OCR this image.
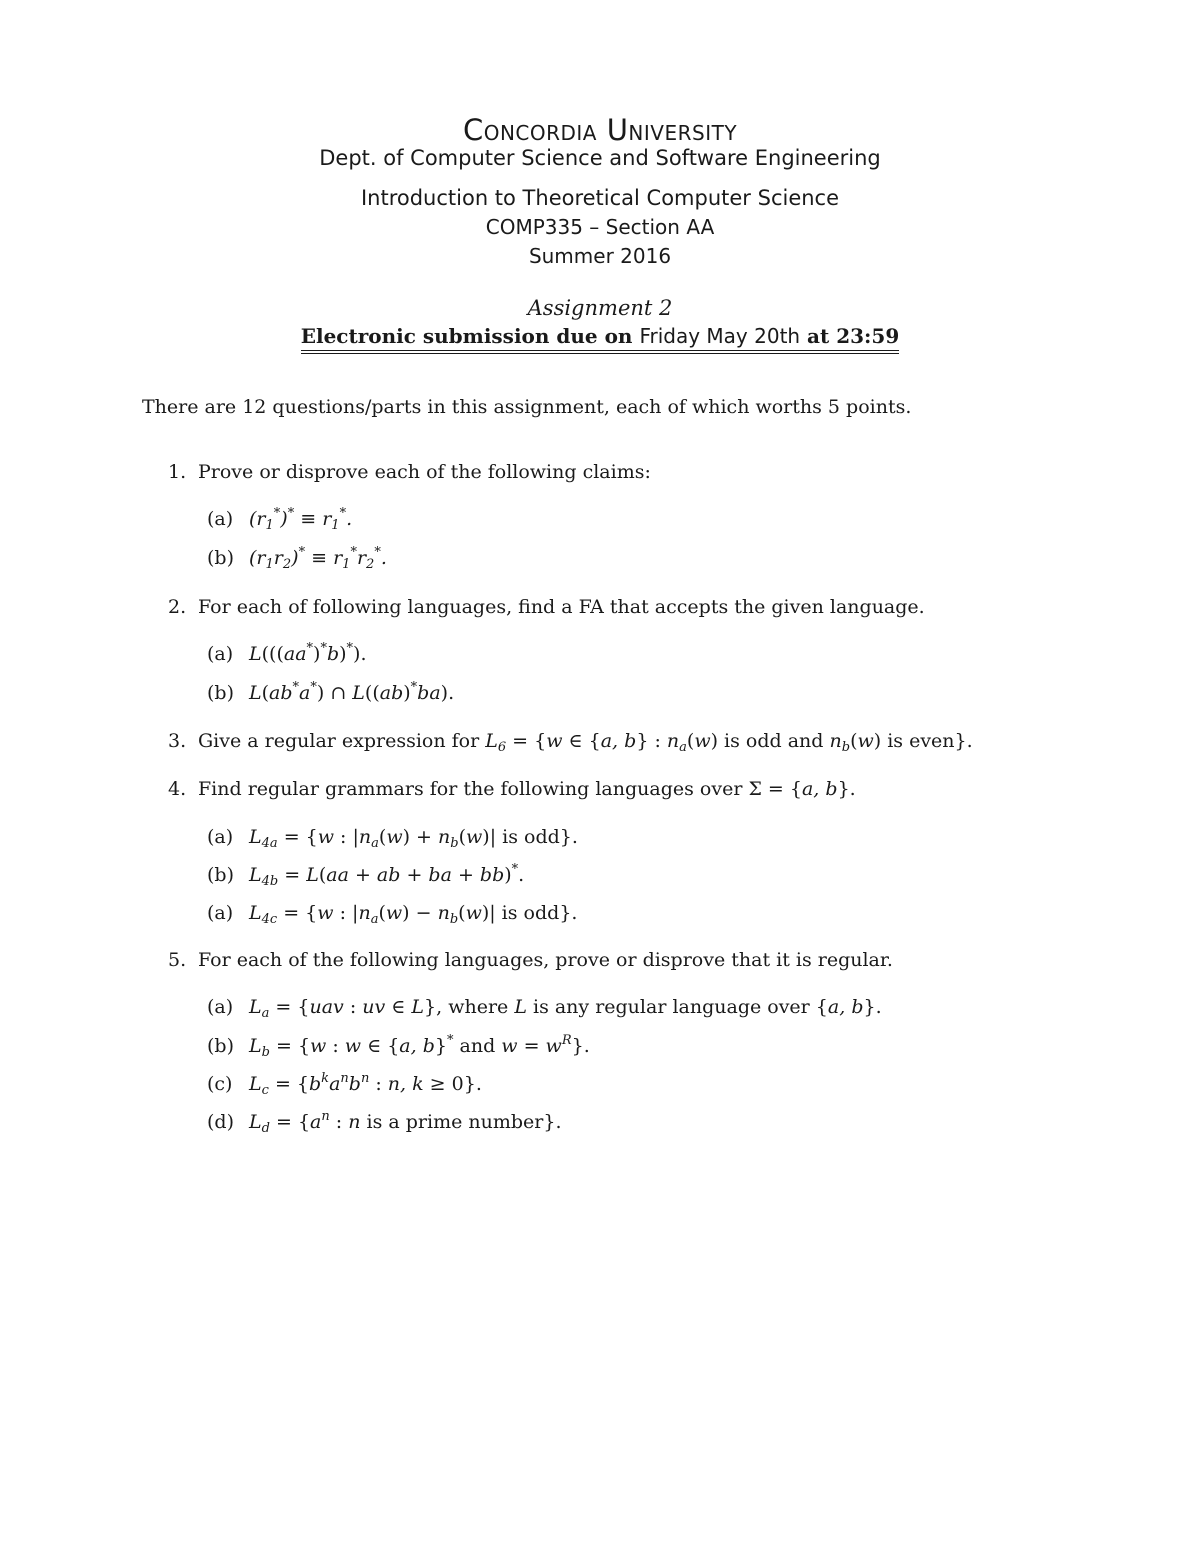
Concordia University
Dept. of Computer Science and Software Engineering
Introduction to Theoretical Computer Science
COMP335 – Section AA
Summer 2016
Assignment 2
Electronic submission due on Friday May 20th at 23:59
There are 12 questions/parts in this assignment, each of which worths 5 points.
1. Prove or disprove each of the following claims:
(a) $(r_1^*)^* \equiv r_1^*$.
(b) $(r_1r_2)^* \equiv r_1^*r_2^*$.
2. For each of following languages, find a FA that accepts the given language.
(a) L(((aa*)*b)*).
(b) L(ab*a*) ∩ L((ab)*ba).
3. Give a regular expression for $L_6 = \{w$ ∈ {a, b} : $n_a(w)$ is odd and $n_b(w)$ is even}.
4. Find regular grammars for the following languages over Σ = {a, b}.
(a) $L_{4a} = \{w$ : $|n_a(w) + n_b(w)|$ is odd}.
(b) $L_{4b} = L(aa$ + ab + ba + bb)*.
(a) $L_{4c} = \{w$ : $|n_a(w) - n_b(w)|$ is odd}.
5. For each of the following languages, prove or disprove that it is regular.
(a) $L_a = \{uav$ : uv ∈ L}, where L is any regular language over {a, b}.
(b) $L_b = \{w$ : w ∈ {a, b}* and $w = w^R$}.
(c) $L_c = \{b^ka^nb^n$ : n, k ≥ 0}.
(d) $L_d = \{a^n$ : n is a prime number}.
